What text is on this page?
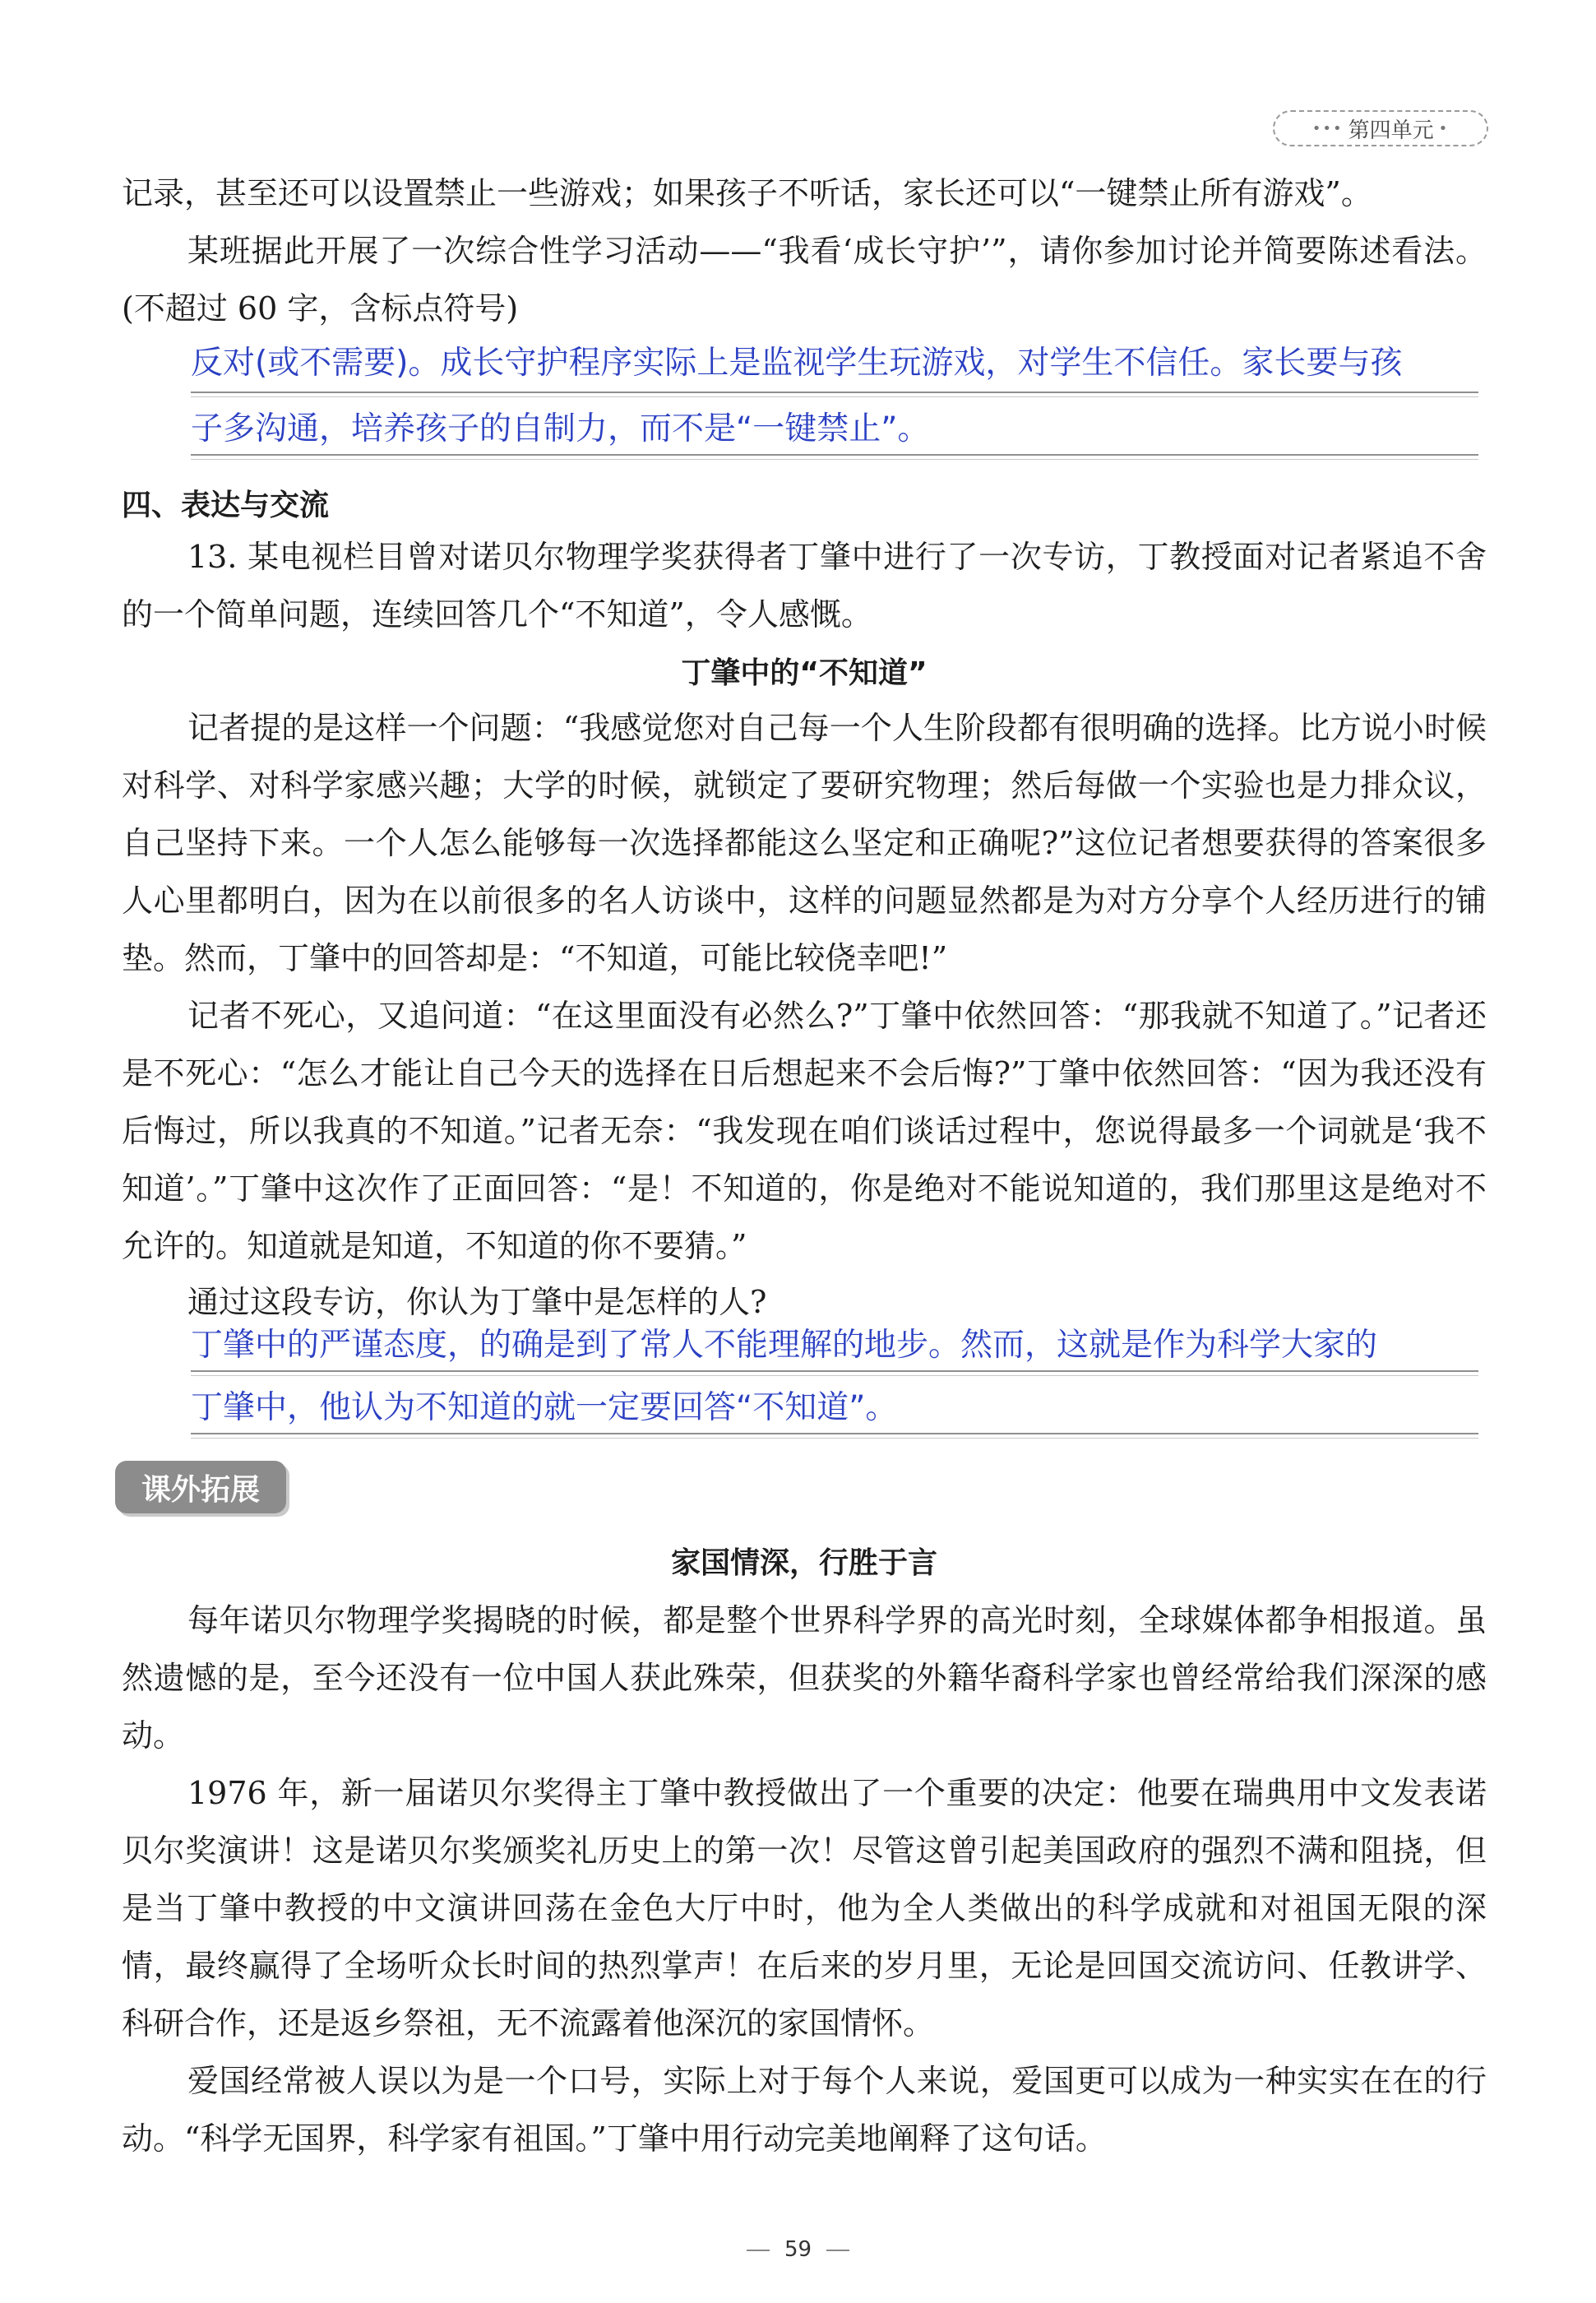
••• 第四单元 •

记录，甚至还可以设置禁止一些游戏；如果孩子不听话，家长还可以“一键禁止所有游戏”。

某班据此开展了一次综合性学习活动——“我看‘成长守护’”，请你参加讨论并简要陈述看法。(不超过 60 字，含标点符号)

反对(或不需要)。成长守护程序实际上是监视学生玩游戏，对学生不信任。家长要与孩

子多沟通，培养孩子的自制力，而不是“一键禁止”。

四、表达与交流

13. 某电视栏目曾对诺贝尔物理学奖获得者丁肇中进行了一次专访，丁教授面对记者紧追不舍的一个简单问题，连续回答几个“不知道”，令人感慨。

丁肇中的“不知道”

记者提的是这样一个问题：“我感觉您对自己每一个人生阶段都有很明确的选择。比方说小时候对科学、对科学家感兴趣；大学的时候，就锁定了要研究物理；然后每做一个实验也是力排众议，自己坚持下来。一个人怎么能够每一次选择都能这么坚定和正确呢?”这位记者想要获得的答案很多人心里都明白，因为在以前很多的名人访谈中，这样的问题显然都是为对方分享个人经历进行的铺垫。然而，丁肇中的回答却是：“不知道，可能比较侥幸吧!”

记者不死心，又追问道：“在这里面没有必然么?”丁肇中依然回答：“那我就不知道了。”记者还是不死心：“怎么才能让自己今天的选择在日后想起来不会后悔?”丁肇中依然回答：“因为我还没有后悔过，所以我真的不知道。”记者无奈：“我发现在咱们谈话过程中，您说得最多一个词就是‘我不知道’。”丁肇中这次作了正面回答：“是！不知道的，你是绝对不能说知道的，我们那里这是绝对不允许的。知道就是知道，不知道的你不要猜。”

通过这段专访，你认为丁肇中是怎样的人?

丁肇中的严谨态度，的确是到了常人不能理解的地步。然而，这就是作为科学大家的

丁肇中，他认为不知道的就一定要回答“不知道”。

课外拓展
家国情深，行胜于言

每年诺贝尔物理学奖揭晓的时候，都是整个世界科学界的高光时刻，全球媒体都争相报道。虽然遗憾的是，至今还没有一位中国人获此殊荣，但获奖的外籍华裔科学家也曾经常给我们深深的感动。

1976 年，新一届诺贝尔奖得主丁肇中教授做出了一个重要的决定：他要在瑞典用中文发表诺贝尔奖演讲！这是诺贝尔奖颁奖礼历史上的第一次！尽管这曾引起美国政府的强烈不满和阻挠，但是当丁肇中教授的中文演讲回荡在金色大厅中时，他为全人类做出的科学成就和对祖国无限的深情，最终赢得了全场听众长时间的热烈掌声！在后来的岁月里，无论是回国交流访问、任教讲学、科研合作，还是返乡祭祖，无不流露着他深沉的家国情怀。

爱国经常被人误以为是一个口号，实际上对于每个人来说，爱国更可以成为一种实实在在的行动。“科学无国界，科学家有祖国。”丁肇中用行动完美地阐释了这句话。

59
